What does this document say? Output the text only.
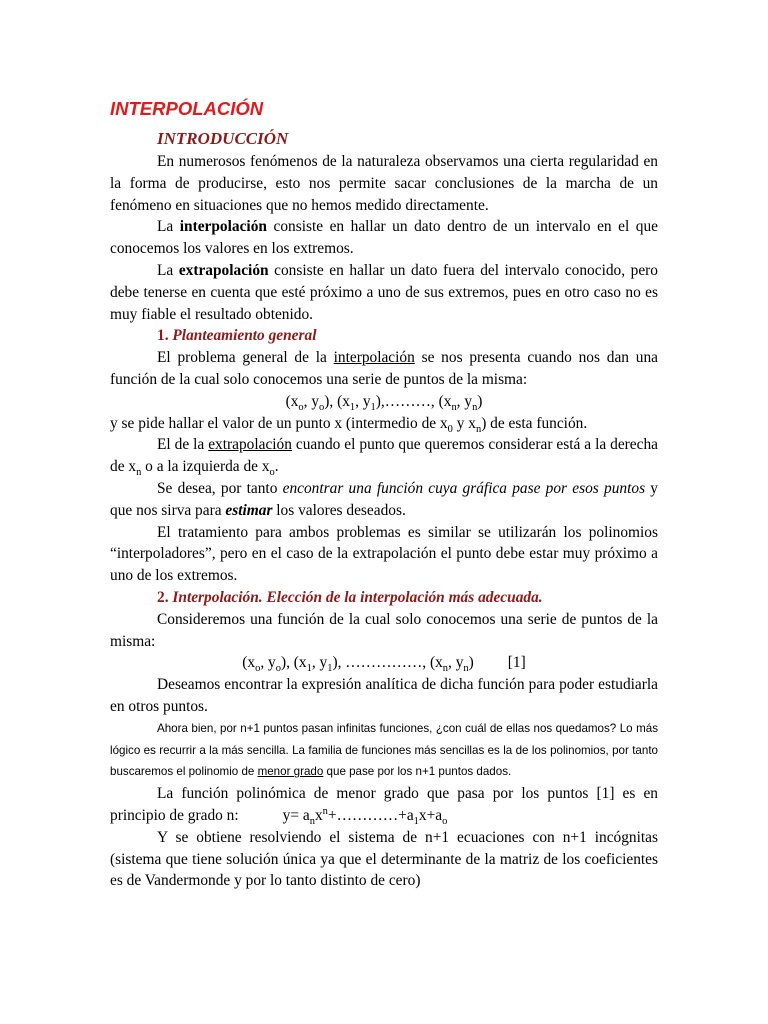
INTERPOLACIÓN
INTRODUCCIÓN

En numerosos fenómenos de la naturaleza observamos una cierta regularidad en la forma de producirse, esto nos permite sacar conclusiones de la marcha de un fenómeno en situaciones que no hemos medido directamente.

La interpolación consiste en hallar un dato dentro de un intervalo en el que conocemos los valores en los extremos.

La extrapolación consiste en hallar un dato fuera del intervalo conocido, pero debe tenerse en cuenta que esté próximo a uno de sus extremos, pues en otro caso no es muy fiable el resultado obtenido.

1. Planteamiento general

El problema general de la interpolación se nos presenta cuando nos dan una función de la cual solo conocemos una serie de puntos de la misma:

($x_o$, $y_o$), ($x_1$, $y_1),\dots\dots\dots$, ($x_n$, $y_n$)

y se pide hallar el valor de un punto x (intermedio de $x_0$ y $x_n$) de esta función.

El de la extrapolación cuando el punto que queremos considerar está a la derecha de $x_n$ o a la izquierda de $x_o$.

Se desea, por tanto encontrar una función cuya gráfica pase por esos puntos y que nos sirva para estimar los valores deseados.

El tratamiento para ambos problemas es similar se utilizarán los polinomios “interpoladores”, pero en el caso de la extrapolación el punto debe estar muy próximo a uno de los extremos.

2. Interpolación. Elección de la interpolación más adecuada.

Consideremos una función de la cual solo conocemos una serie de puntos de la misma:

($x_o$, $y_o$), ($x_1$, $y_1$), ……………, ($x_n$, $y_n$) [1]

Deseamos encontrar la expresión analítica de dicha función para poder estudiarla en otros puntos.

Ahora bien, por n+1 puntos pasan infinitas funciones, ¿con cuál de ellas nos quedamos? Lo más lógico es recurrir a la más sencilla. La familia de funciones más sencillas es la de los polinomios, por tanto buscaremos el polinomio de menor grado que pase por los n+1 puntos dados.

La función polinómica de menor grado que pasa por los puntos [1] es en principio de grado n:	$y= a_nx^n+\dots\dots\dots\dots+a_1x+a_o$

Y se obtiene resolviendo el sistema de n+1 ecuaciones con n+1 incógnitas (sistema que tiene solución única ya que el determinante de la matriz de los coeficientes es de Vandermonde y por lo tanto distinto de cero)
